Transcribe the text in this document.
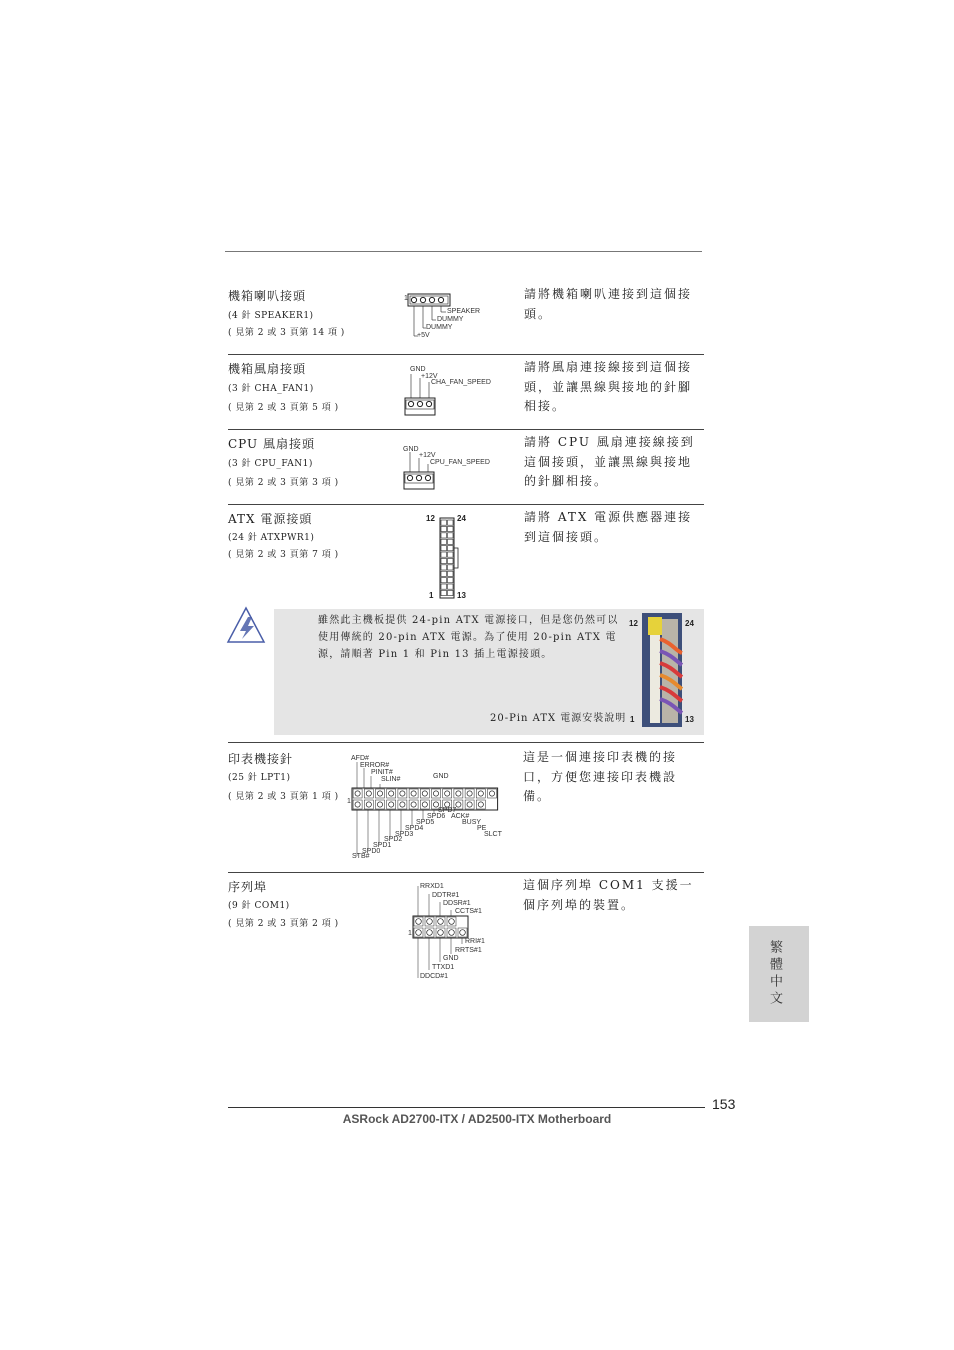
機箱喇叭接頭
(4 針 SPEAKER1)
( 見第 2 或 3 頁第 14 項 )
請將機箱喇叭連接到這個接頭。
1
SPEAKER
DUMMY
DUMMY
+5V
機箱風扇接頭
(3 針 CHA_FAN1)
( 見第 2 或 3 頁第 5 項 )
請將風扇連接線接到這個接頭，並讓黑線與接地的針腳相接。
GND
+12V
CHA_FAN_SPEED
CPU 風扇接頭
(3 針 CPU_FAN1)
( 見第 2 或 3 頁第 3 項 )
請將 CPU 風扇連接線接到這個接頭，並讓黑線與接地的針腳相接。
GND
+12V
CPU_FAN_SPEED
ATX 電源接頭
(24 針 ATXPWR1)
( 見第 2 或 3 頁第 7 項 )
請將 ATX 電源供應器連接到這個接頭。
12	24
1	13
雖然此主機板提供 24-pin ATX 電源接口，但是您仍然可以使用傳統的 20-pin ATX 電源。為了使用 20-pin ATX 電源，請順著 Pin 1 和 Pin 13 插上電源接頭。
20-Pin ATX 電源安裝說明
12	24
1	13
印表機接針
(25 針 LPT1)
( 見第 2 或 3 頁第 1 項 )
這是一個連接印表機的接口，方便您連接印表機設備。
AFD#
ERROR#
PINIT#
SLIN#	GND
1
SPD7
SPD6 ACK#
SPD5	BUSY
SPD4	PE
SPD3	SLCT
SPD2
SPD1
SPD0
STB#
序列埠
(9 針 COM1)
( 見第 2 或 3 頁第 2 項 )
這個序列埠 COM1 支援一個序列埠的裝置。
RRXD1
DDTR#1
DDSR#1
CCTS#1
1
RRI#1
RRTS#1
GND
TTXD1
DDCD#1	繁體中文
153
ASRock AD2700-ITX / AD2500-ITX Motherboard
